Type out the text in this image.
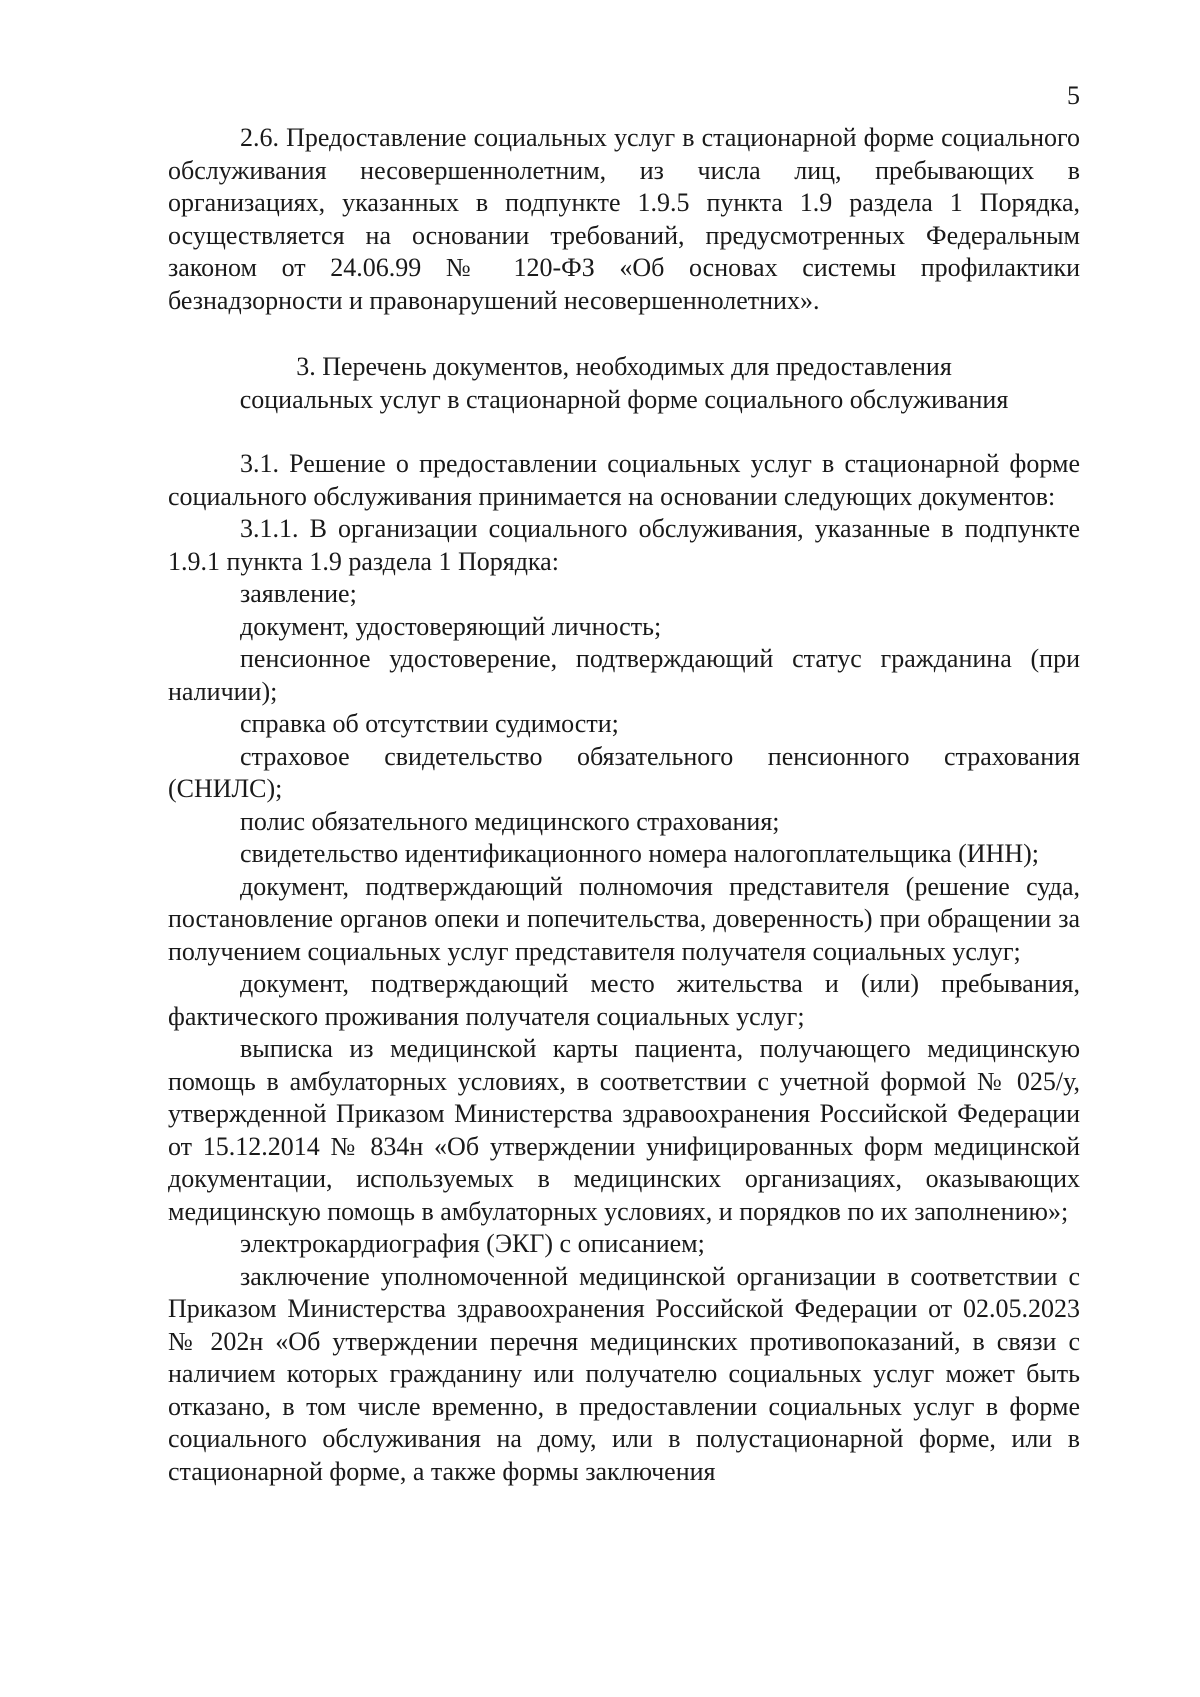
5

2.6. Предоставление социальных услуг в стационарной форме социального обслуживания несовершеннолетним, из числа лиц, пребывающих в организациях, указанных в подпункте 1.9.5 пункта 1.9 раздела 1 Порядка, осуществляется на основании требований, предусмотренных Федеральным законом от 24.06.99 № 120-ФЗ «Об основах системы профилактики безнадзорности и правонарушений несовершеннолетних».

3. Перечень документов, необходимых для предоставления социальных услуг в стационарной форме социального обслуживания

3.1. Решение о предоставлении социальных услуг в стационарной форме социального обслуживания принимается на основании следующих документов:

3.1.1. В организации социального обслуживания, указанные в подпункте 1.9.1 пункта 1.9 раздела 1 Порядка:

заявление;

документ, удостоверяющий личность;

пенсионное удостоверение, подтверждающий статус гражданина (при наличии);

справка об отсутствии судимости;

страховое свидетельство обязательного пенсионного страхования (СНИЛС);

полис обязательного медицинского страхования;

свидетельство идентификационного номера налогоплательщика (ИНН);

документ, подтверждающий полномочия представителя (решение суда, постановление органов опеки и попечительства, доверенность) при обращении за получением социальных услуг представителя получателя социальных услуг;

документ, подтверждающий место жительства и (или) пребывания, фактического проживания получателя социальных услуг;

выписка из медицинской карты пациента, получающего медицинскую помощь в амбулаторных условиях, в соответствии с учетной формой № 025/у, утвержденной Приказом Министерства здравоохранения Российской Федерации от 15.12.2014 № 834н «Об утверждении унифицированных форм медицинской документации, используемых в медицинских организациях, оказывающих медицинскую помощь в амбулаторных условиях, и порядков по их заполнению»;

электрокардиография (ЭКГ) с описанием;

заключение уполномоченной медицинской организации в соответствии с Приказом Министерства здравоохранения Российской Федерации от 02.05.2023 № 202н «Об утверждении перечня медицинских противопоказаний, в связи с наличием которых гражданину или получателю социальных услуг может быть отказано, в том числе временно, в предоставлении социальных услуг в форме социального обслуживания на дому, или в полустационарной форме, или в стационарной форме, а также формы заключения
